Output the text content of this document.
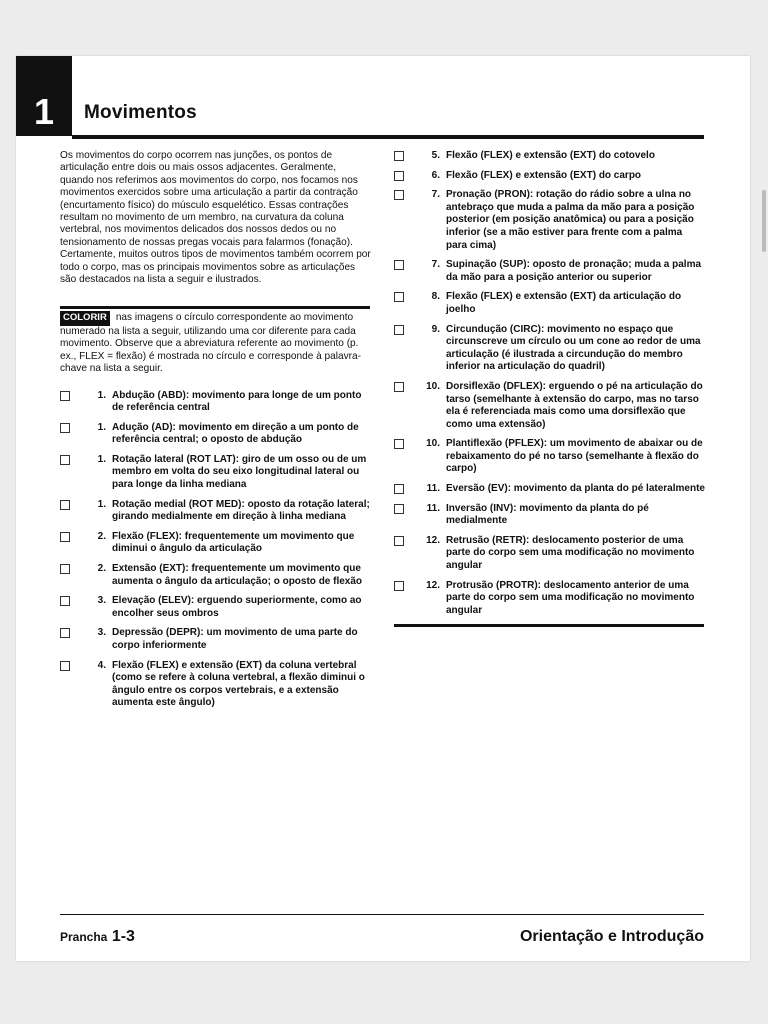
1	Movimentos

Os movimentos do corpo ocorrem nas junções, os pontos de articulação entre dois ou mais ossos adjacentes. Geralmente, quando nos referimos aos movimentos do corpo, nos focamos nos movimentos exercidos sobre uma articulação a partir da contração (encurtamento físico) do músculo esquelético. Essas contrações resultam no movimento de um membro, na curvatura da coluna vertebral, nos movimentos delicados dos nossos dedos ou no tensionamento de nossas pregas vocais para falarmos (fonação). Certamente, muitos outros tipos de movimentos também ocorrem por todo o corpo, mas os principais movimentos sobre as articulações são destacados na lista a seguir e ilustrados.

COLORIR nas imagens o círculo correspondente ao movimento numerado na lista a seguir, utilizando uma cor diferente para cada movimento. Observe que a abreviatura referente ao movimento (p. ex., FLEX = flexão) é mostrada no círculo e corresponde à palavra-chave na lista a seguir.
1. Abdução (ABD): movimento para longe de um ponto de referência central
1. Adução (AD): movimento em direção a um ponto de referência central; o oposto de abdução
1. Rotação lateral (ROT LAT): giro de um osso ou de um membro em volta do seu eixo longitudinal lateral ou para longe da linha mediana
1. Rotação medial (ROT MED): oposto da rotação lateral; girando medialmente em direção à linha mediana
2. Flexão (FLEX): frequentemente um movimento que diminui o ângulo da articulação
2. Extensão (EXT): frequentemente um movimento que aumenta o ângulo da articulação; o oposto de flexão
3. Elevação (ELEV): erguendo superiormente, como ao encolher seus ombros
3. Depressão (DEPR): um movimento de uma parte do corpo inferiormente
4. Flexão (FLEX) e extensão (EXT) da coluna vertebral (como se refere à coluna vertebral, a flexão diminui o ângulo entre os corpos vertebrais, e a extensão aumenta este ângulo)
5. Flexão (FLEX) e extensão (EXT) do cotovelo
6. Flexão (FLEX) e extensão (EXT) do carpo
7. Pronação (PRON): rotação do rádio sobre a ulna no antebraço que muda a palma da mão para a posição posterior (em posição anatômica) ou para a posição inferior (se a mão estiver para frente com a palma para cima)
7. Supinação (SUP): oposto de pronação; muda a palma da mão para a posição anterior ou superior
8. Flexão (FLEX) e extensão (EXT) da articulação do joelho
9. Circundução (CIRC): movimento no espaço que circunscreve um círculo ou um cone ao redor de uma articulação (é ilustrada a circundução do membro inferior na articulação do quadril)
10. Dorsiflexão (DFLEX): erguendo o pé na articulação do tarso (semelhante à extensão do carpo, mas no tarso ela é referenciada mais como uma dorsiflexão que como uma extensão)
10. Plantiflexão (PFLEX): um movimento de abaixar ou de rebaixamento do pé no tarso (semelhante à flexão do carpo)
11. Eversão (EV): movimento da planta do pé lateralmente
11. Inversão (INV): movimento da planta do pé medialmente
12. Retrusão (RETR): deslocamento posterior de uma parte do corpo sem uma modificação no movimento angular
12. Protrusão (PROTR): deslocamento anterior de uma parte do corpo sem uma modificação no movimento angular
Prancha 1-3	Orientação e Introdução
